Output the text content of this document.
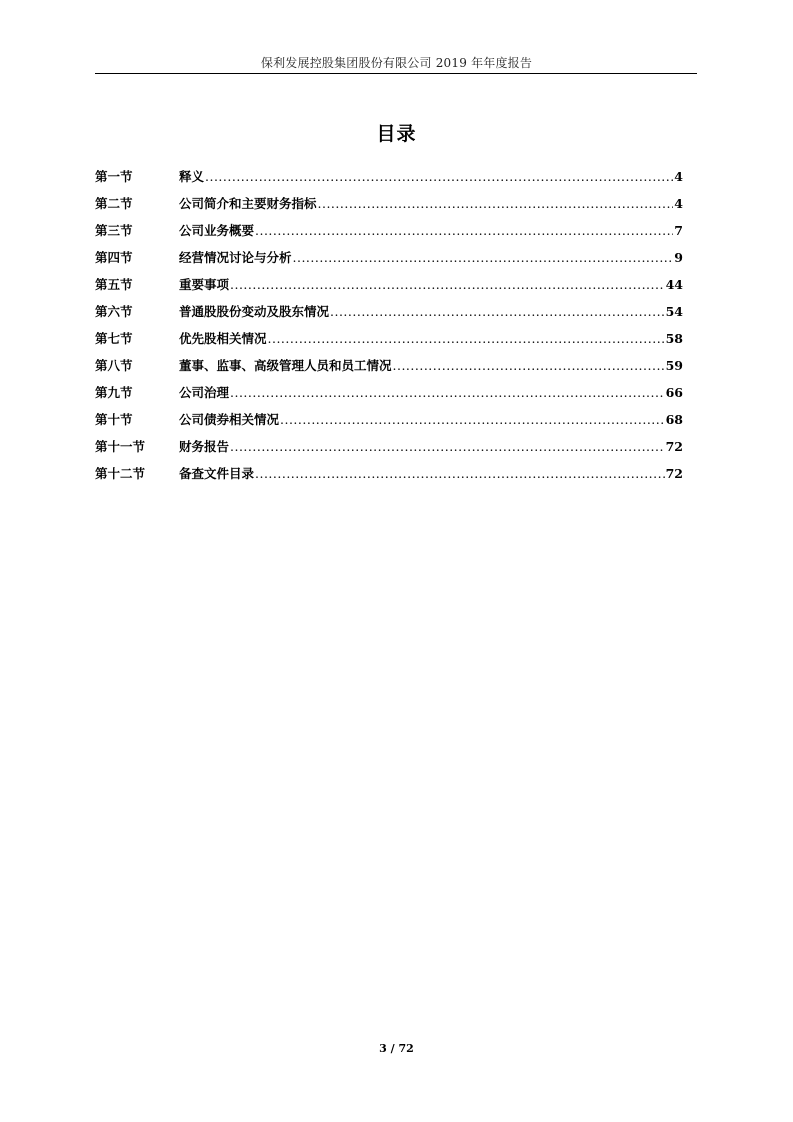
保利发展控股集团股份有限公司 2019 年年度报告
目录
第一节	释义 .....	4
第二节	公司简介和主要财务指标 .....	4
第三节	公司业务概要 .....	7
第四节	经营情况讨论与分析 .....	9
第五节	重要事项 .....	44
第六节	普通股股份变动及股东情况 .....	54
第七节	优先股相关情况 .....	58
第八节	董事、监事、高级管理人员和员工情况 .....	59
第九节	公司治理 .....	66
第十节	公司债券相关情况 .....	68
第十一节	财务报告 .....	72
第十二节	备查文件目录 .....	72
3 / 72
